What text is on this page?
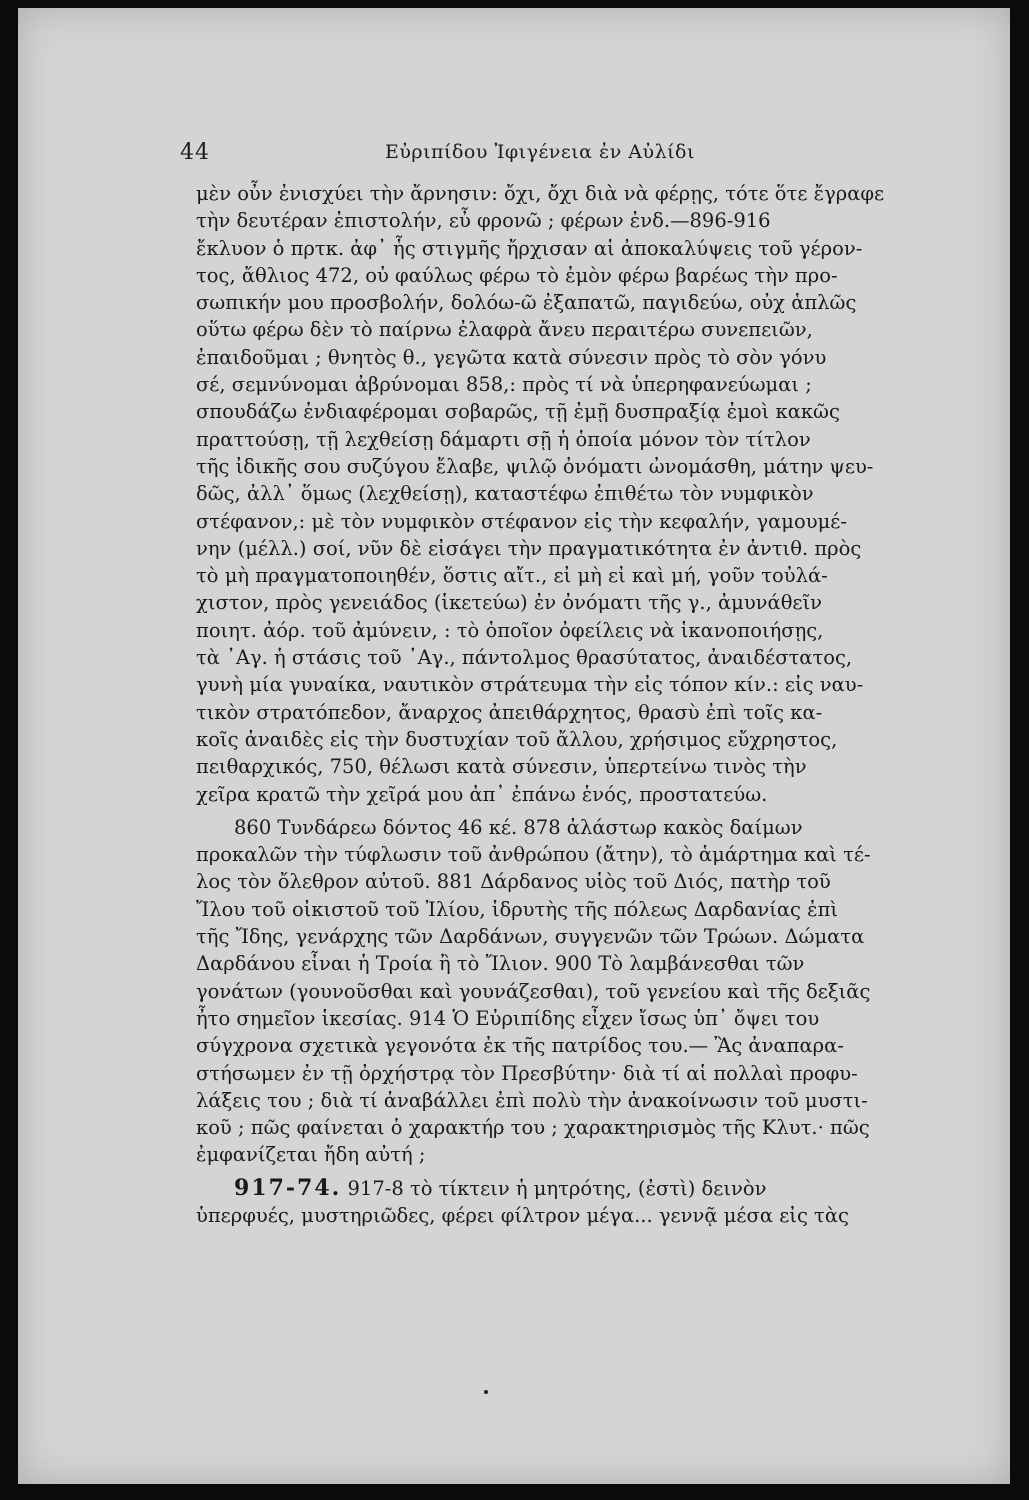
44	Εὐριπίδου Ἰφιγένεια ἐν Αὐλίδι
μὲν οὖν ἐνισχύει τὴν ἄρνησιν: ὄχι, ὄχι διὰ νὰ φέρῃς, τότε ὅτε ἔγραφε
τὴν δευτέραν ἐπιστολήν, εὖ φρονῶ ; φέρων ἐνδ.—896-916
ἔκλυον ὁ πρτκ. ἀφ᾽ ἧς στιγμῆς ἤρχισαν αἱ ἀποκαλύψεις τοῦ γέρον-
τος, ἄθλιος 472, οὐ φαύλως φέρω τὸ ἐμὸν φέρω βαρέως τὴν προ-
σωπικήν μου προσβολήν, δολόω-ῶ ἐξαπατῶ, παγιδεύω, οὐχ ἁπλῶς
οὕτω φέρω δὲν τὸ παίρνω ἐλαφρὰ ἄνευ περαιτέρω συνεπειῶν,
ἐπαιδοῦμαι ; θνητὸς θ., γεγῶτα κατὰ σύνεσιν πρὸς τὸ σὸν γόνυ
σέ, σεμνύνομαι ἀβρύνομαι 858,: πρὸς τί νὰ ὑπερηφανεύωμαι ;
σπουδάζω ἐνδιαφέρομαι σοβαρῶς, τῇ ἐμῇ δυσπραξίᾳ ἐμοὶ κακῶς
πραττούσῃ, τῇ λεχθείσῃ δάμαρτι σῇ ἡ ὁποία μόνον τὸν τίτλον
τῆς ἰδικῆς σου συζύγου ἔλαβε, ψιλῷ ὀνόματι ὠνομάσθη, μάτην ψευ-
δῶς, ἀλλ᾽ ὅμως (λεχθείσῃ), καταστέφω ἐπιθέτω τὸν νυμφικὸν
στέφανον,: μὲ τὸν νυμφικὸν στέφανον εἰς τὴν κεφαλήν, γαμουμέ-
νην (μέλλ.) σοί, νῦν δὲ εἰσάγει τὴν πραγματικότητα ἐν ἀντιθ. πρὸς
τὸ μὴ πραγματοποιηθέν, ὅστις αἴτ., εἰ μὴ εἰ καὶ μή, γοῦν τοὐλά-
χιστον, πρὸς γενειάδος (ἱκετεύω) ἐν ὀνόματι τῆς γ., ἀμυνάθεῖν
ποιητ. ἀόρ. τοῦ ἀμύνειν, : τὸ ὁποῖον ὀφείλεις νὰ ἱκανοποιήσῃς,
τὰ ᾽Αγ. ἡ στάσις τοῦ ᾽Αγ., πάντολμος θρασύτατος, ἀναιδέστατος,
γυνὴ μία γυναίκα, ναυτικὸν στράτευμα τὴν εἰς τόπον κίν.: εἰς ναυ-
τικὸν στρατόπεδον, ἄναρχος ἀπειθάρχητος, θρασὺ ἐπὶ τοῖς κα-
κοῖς ἀναιδὲς εἰς τὴν δυστυχίαν τοῦ ἄλλου, χρήσιμος εὔχρηστος,
πειθαρχικός, 750, θέλωσι κατὰ σύνεσιν, ὑπερτείνω τινὸς τὴν
χεῖρα κρατῶ τὴν χεῖρά μου ἀπ᾽ ἐπάνω ἑνός, προστατεύω.
860 Τυνδάρεω δόντος 46 κέ. 878 ἀλάστωρ κακὸς δαίμων
προκαλῶν τὴν τύφλωσιν τοῦ ἀνθρώπου (ἄτην), τὸ ἁμάρτημα καὶ τέ-
λος τὸν ὄλεθρον αὐτοῦ. 881 Δάρδανος υἱὸς τοῦ Διός, πατὴρ τοῦ
Ἴλου τοῦ οἰκιστοῦ τοῦ Ἰλίου, ἱδρυτὴς τῆς πόλεως Δαρδανίας ἐπὶ
τῆς Ἴδης, γενάρχης τῶν Δαρδάνων, συγγενῶν τῶν Τρώων. Δώματα
Δαρδάνου εἶναι ἡ Τροία ἢ τὸ Ἴλιον. 900 Τὸ λαμβάνεσθαι τῶν
γονάτων (γουνοῦσθαι καὶ γουνάζεσθαι), τοῦ γενείου καὶ τῆς δεξιᾶς
ἦτο σημεῖον ἱκεσίας. 914 Ὁ Εὐριπίδης εἶχεν ἴσως ὑπ᾽ ὄψει του
σύγχρονα σχετικὰ γεγονότα ἐκ τῆς πατρίδος του.— Ἂς ἀναπαρα-
στήσωμεν ἐν τῇ ὀρχήστρᾳ τὸν Πρεσβύτην· διὰ τί αἱ πολλαὶ προφυ-
λάξεις του ; διὰ τί ἀναβάλλει ἐπὶ πολὺ τὴν ἀνακοίνωσιν τοῦ μυστι-
κοῦ ; πῶς φαίνεται ὁ χαρακτήρ του ; χαρακτηρισμὸς τῆς Κλυτ.· πῶς
ἐμφανίζεται ἤδη αὐτή ;
917-74. 917-8 τὸ τίκτειν ἡ μητρότης, (ἐστὶ) δεινὸν
ὑπερφυές, μυστηριῶδες, φέρει φίλτρον μέγα... γεννᾷ μέσα εἰς τὰς
